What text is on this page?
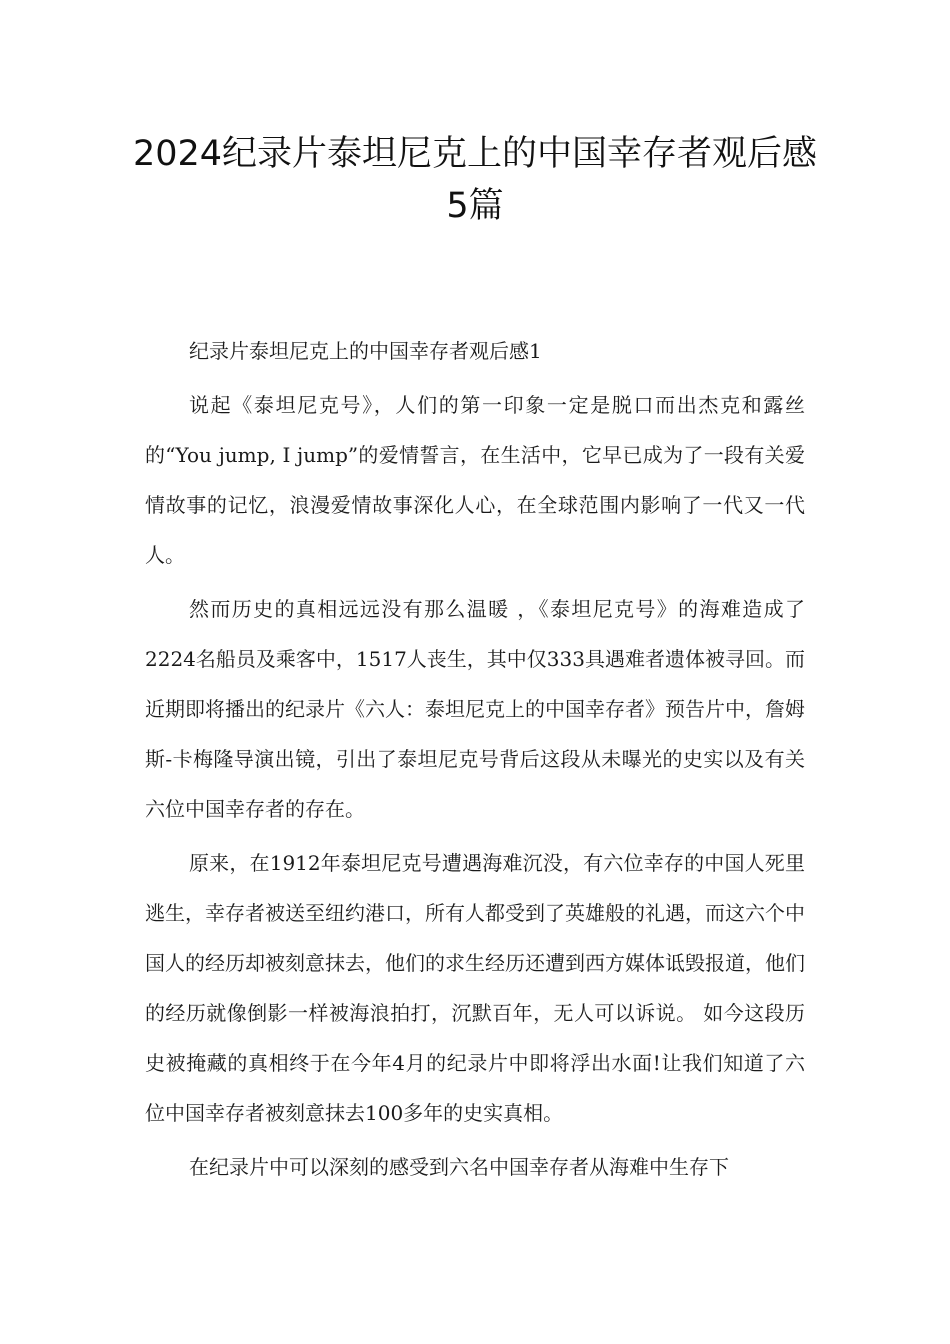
2024纪录片泰坦尼克上的中国幸存者观后感5篇

纪录片泰坦尼克上的中国幸存者观后感1

说起《泰坦尼克号》，人们的第一印象一定是脱口而出杰克和露丝的“You jump, I jump”的爱情誓言，在生活中，它早已成为了一段有关爱情故事的记忆，浪漫爱情故事深化人心，在全球范围内影响了一代又一代人。

然而历史的真相远远没有那么温暖 ，《泰坦尼克号》的海难造成了2224名船员及乘客中，1517人丧生，其中仅333具遇难者遗体被寻回。而近期即将播出的纪录片《六人：泰坦尼克上的中国幸存者》预告片中，詹姆斯-卡梅隆导演出镜，引出了泰坦尼克号背后这段从未曝光的史实以及有关六位中国幸存者的存在。

原来，在1912年泰坦尼克号遭遇海难沉没，有六位幸存的中国人死里逃生，幸存者被送至纽约港口，所有人都受到了英雄般的礼遇，而这六个中国人的经历却被刻意抹去，他们的求生经历还遭到西方媒体诋毁报道，他们的经历就像倒影一样被海浪拍打，沉默百年，无人可以诉说。 如今这段历史被掩藏的真相终于在今年4月的纪录片中即将浮出水面!让我们知道了六位中国幸存者被刻意抹去100多年的史实真相。

在纪录片中可以深刻的感受到六名中国幸存者从海难中生存下
